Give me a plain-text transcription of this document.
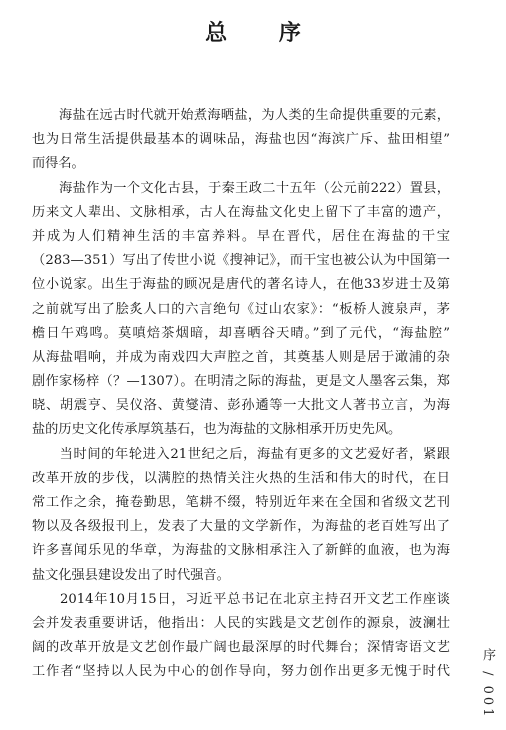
总 序
　　海盐在远古时代就开始煮海晒盐，为人类的生命提供重要的元素，
也为日常生活提供最基本的调味品，海盐也因“海滨广斥、盐田相望”
而得名。
　　海盐作为一个文化古县，于秦王政二十五年（公元前222）置县，
历来文人辈出、文脉相承，古人在海盐文化史上留下了丰富的遗产，
并成为人们精神生活的丰富养料。早在晋代，居住在海盐的干宝
（283—351）写出了传世小说《搜神记》，而干宝也被公认为中国第一
位小说家。出生于海盐的顾况是唐代的著名诗人，在他33岁进士及第
之前就写出了脍炙人口的六言绝句《过山农家》：“板桥人渡泉声，茅
檐日午鸡鸣。莫嗔焙茶烟暗，却喜晒谷天晴。”到了元代，“海盐腔”
从海盐唱响，并成为南戏四大声腔之首，其奠基人则是居于澉浦的杂
剧作家杨梓（？—1307）。在明清之际的海盐，更是文人墨客云集，郑
晓、胡震亨、吴仪洛、黄燮清、彭孙遹等一大批文人著书立言，为海
盐的历史文化传承厚筑基石，也为海盐的文脉相承开历史先风。
　　当时间的年轮进入21世纪之后，海盐有更多的文艺爱好者，紧跟
改革开放的步伐，以满腔的热情关注火热的生活和伟大的时代，在日
常工作之余，掩卷勤思，笔耕不缀，特别近年来在全国和省级文艺刊
物以及各级报刊上，发表了大量的文学新作，为海盐的老百姓写出了
许多喜闻乐见的华章，为海盐的文脉相承注入了新鲜的血液，也为海
盐文化强县建设发出了时代强音。
　　2014年10月15日，习近平总书记在北京主持召开文艺工作座谈
会并发表重要讲话，他指出：人民的实践是文艺创作的源泉，波澜壮
阔的改革开放是文艺创作最广阔也最深厚的时代舞台；深情寄语文艺
工作者“坚持以人民为中心的创作导向，努力创作出更多无愧于时代 序 / 001
